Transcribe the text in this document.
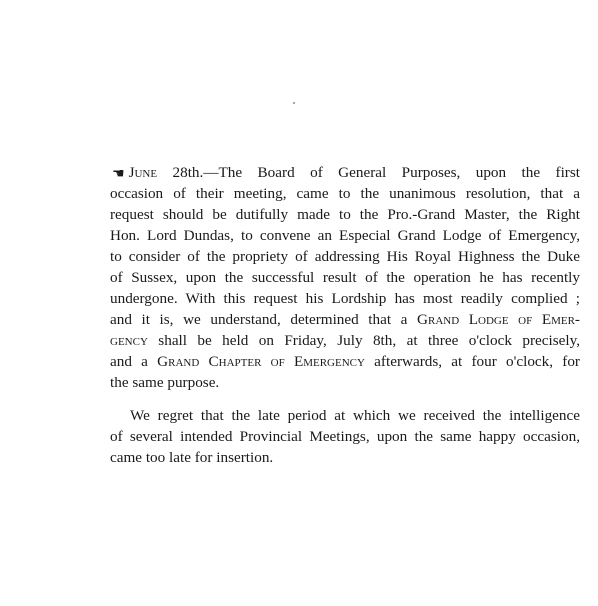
☛ June 28th.—The Board of General Purposes, upon the first
occasion of their meeting, came to the unanimous resolution, that a
request should be dutifully made to the Pro.-Grand Master, the Right
Hon. Lord Dundas, to convene an Especial Grand Lodge of Emergency,
to consider of the propriety of addressing His Royal Highness the Duke
of Sussex, upon the successful result of the operation he has recently
undergone. With this request his Lordship has most readily complied ;
and it is, we understand, determined that a Grand Lodge of Emer-
gency shall be held on Friday, July 8th, at three o'clock precisely,
and a Grand Chapter of Emergency afterwards, at four o'clock, for
the same purpose.
We regret that the late period at which we received the intelligence
of several intended Provincial Meetings, upon the same happy occasion,
came too late for insertion.
